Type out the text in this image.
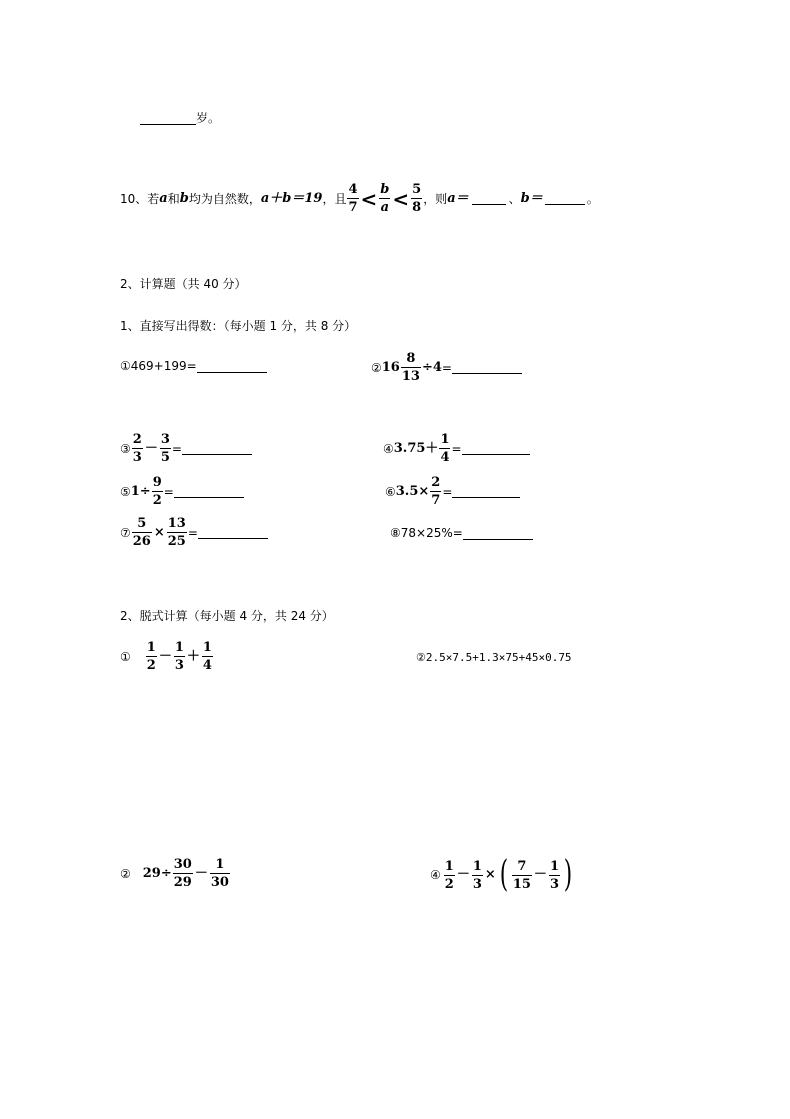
岁。
10、若 a 和 b 均为自然数， a＋b＝19 ，且 $\frac{4}{7} < \frac{b}{a} < \frac{5}{8}$ ，则 a＝	、 b＝	。
2、计算题（共 40 分）
1、直接写出得数：（每小题 1 分，共 8 分）
①469+199=	② $16 \frac{8}{13} \div 4$ =
③ $\frac{2}{3} - \frac{3}{5}$ =	④ $3.75+ \frac{1}{4}$ =
⑤ $1\div \frac{9}{2}$ =	⑥ $3.5\times \frac{2}{7}$ =
⑦ $\frac{5}{26} \times \frac{13}{25}$ =	⑧78×25%=
2、脱式计算（每小题 4 分，共 24 分）
① $\frac{1}{2} - \frac{1}{3} + \frac{1}{4}$	②2.5×7.5+1.3×75+45×0.75
② $29\div \frac{30}{29} - \frac{1}{30}$	④ $\frac{1}{2} - \frac{1}{3}$ × ( $\frac{7}{15} - \frac{1}{3}$ )
